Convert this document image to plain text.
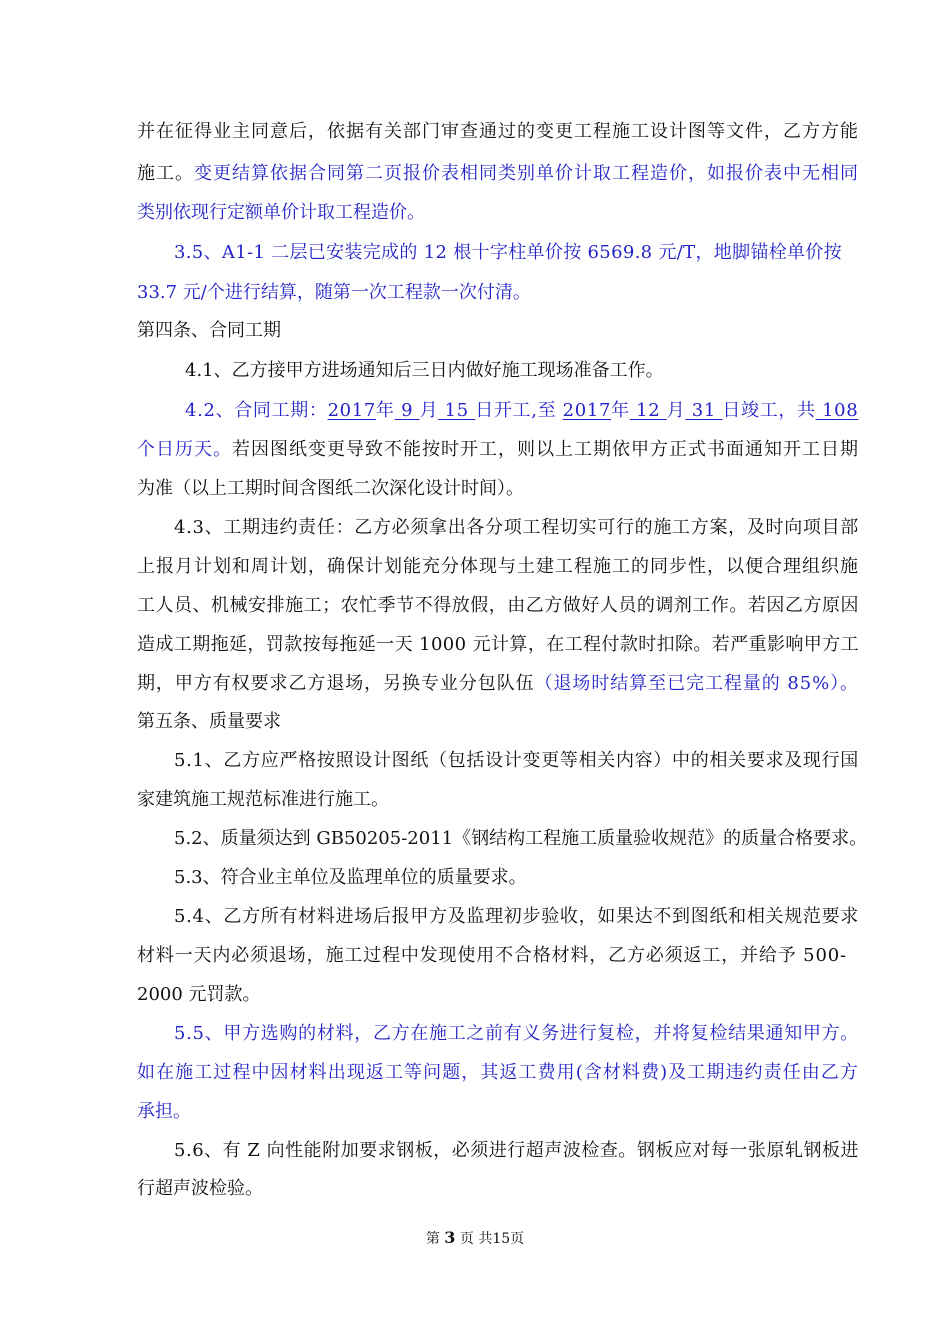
并在征得业主同意后，依据有关部门审查通过的变更工程施工设计图等文件，乙方方能
施工。变更结算依据合同第二页报价表相同类别单价计取工程造价，如报价表中无相同
类别依现行定额单价计取工程造价。
3.5、A1-1 二层已安装完成的 12 根十字柱单价按 6569.8 元/T，地脚锚栓单价按
33.7 元/个进行结算，随第一次工程款一次付清。
第四条、合同工期
4.1、乙方接甲方进场通知后三日内做好施工现场准备工作。
4.2、合同工期：2017年 9 月 15 日开工,至 2017年 12 月 31 日竣工，共 108
个日历天。若因图纸变更导致不能按时开工，则以上工期依甲方正式书面通知开工日期
为准（以上工期时间含图纸二次深化设计时间）。
4.3、工期违约责任：乙方必须拿出各分项工程切实可行的施工方案，及时向项目部
上报月计划和周计划，确保计划能充分体现与土建工程施工的同步性，以便合理组织施
工人员、机械安排施工；农忙季节不得放假，由乙方做好人员的调剂工作。若因乙方原因
造成工期拖延，罚款按每拖延一天 1000 元计算，在工程付款时扣除。若严重影响甲方工
期，甲方有权要求乙方退场，另换专业分包队伍（退场时结算至已完工程量的 85%）。
第五条、质量要求
5.1、乙方应严格按照设计图纸（包括设计变更等相关内容）中的相关要求及现行国
家建筑施工规范标准进行施工。
5.2、质量须达到 GB50205-2011《钢结构工程施工质量验收规范》的质量合格要求。
5.3、符合业主单位及监理单位的质量要求。
5.4、乙方所有材料进场后报甲方及监理初步验收，如果达不到图纸和相关规范要求
材料一天内必须退场，施工过程中发现使用不合格材料，乙方必须返工，并给予 500-
2000 元罚款。
5.5、甲方选购的材料，乙方在施工之前有义务进行复检，并将复检结果通知甲方。
如在施工过程中因材料出现返工等问题，其返工费用(含材料费)及工期违约责任由乙方
承担。
5.6、有 Z 向性能附加要求钢板，必须进行超声波检查。钢板应对每一张原轧钢板进
行超声波检验。
第 3 页 共15页
